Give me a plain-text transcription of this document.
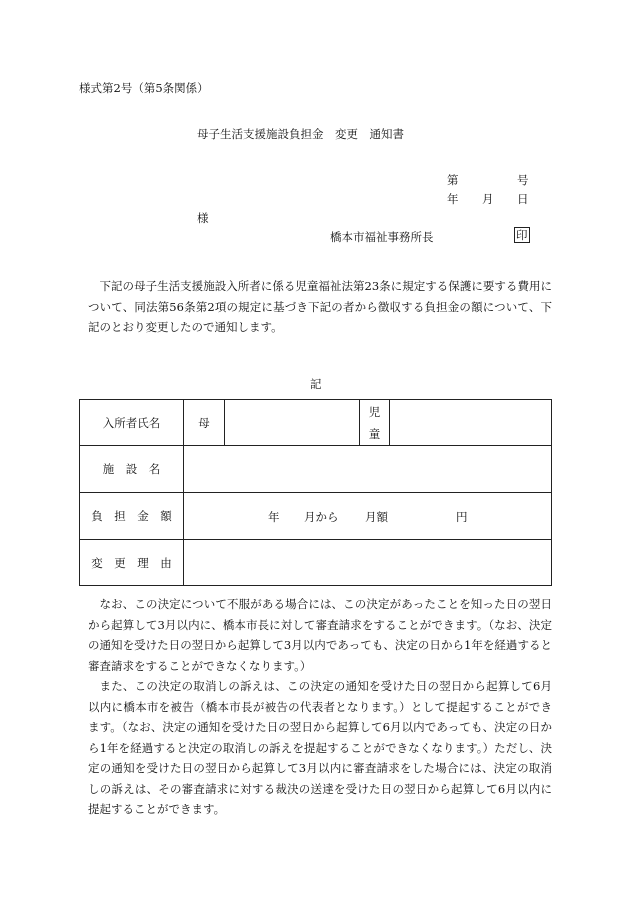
様式第2号（第5条関係）
母子生活支援施設負担金　変更　通知書
第	号
年 月 日
様
橋本市福祉事務所長	印
下記の母子生活支援施設入所者に係る児童福祉法第23条に規定する保護に要する費用について、同法第56条第2項の規定に基づき下記の者から徴収する負担金の額について、下記のとおり変更したので通知します。
記
入所者氏名	母		児
童	

施　設　名				
負　担　金　額	年 月から 月額 円			

変　更　理　由				
なお、この決定について不服がある場合には、この決定があったことを知った日の翌日から起算して3月以内に、橋本市長に対して審査請求をすることができます。（なお、決定の通知を受けた日の翌日から起算して3月以内であっても、決定の日から1年を経過すると審査請求をすることができなくなります。）
また、この決定の取消しの訴えは、この決定の通知を受けた日の翌日から起算して6月以内に橋本市を被告（橋本市長が被告の代表者となります。）として提起することができます。（なお、決定の通知を受けた日の翌日から起算して6月以内であっても、決定の日から1年を経過すると決定の取消しの訴えを提起することができなくなります。）ただし、決定の通知を受けた日の翌日から起算して3月以内に審査請求をした場合には、決定の取消しの訴えは、その審査請求に対する裁決の送達を受けた日の翌日から起算して6月以内に提起することができます。
